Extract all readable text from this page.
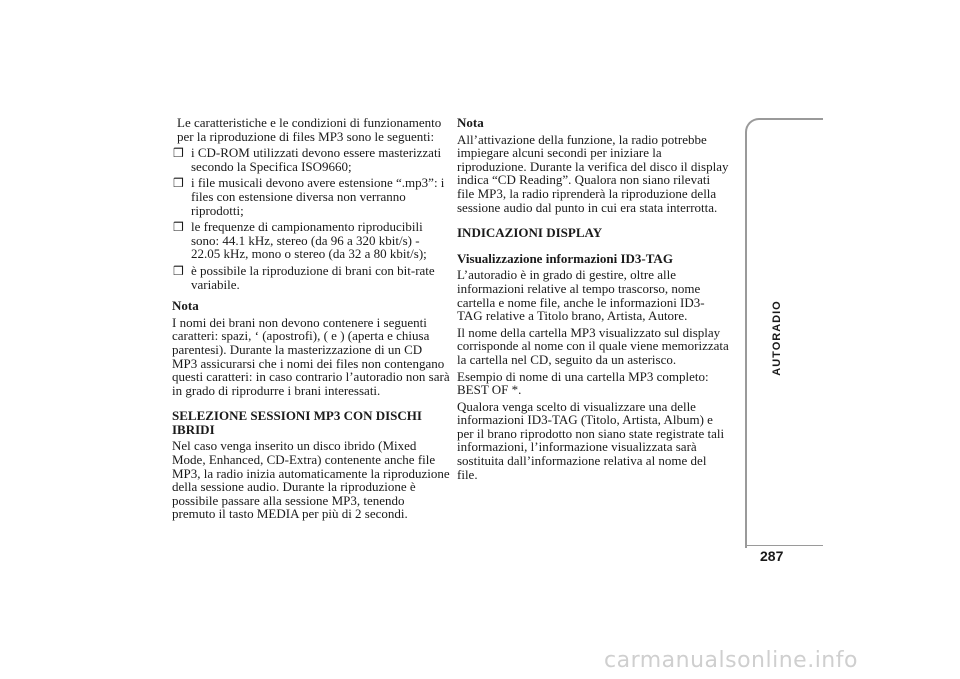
Le caratteristiche e le condizioni di funzionamento per la riproduzione di files MP3 sono le seguenti:

❒ i CD-ROM utilizzati devono essere masterizzati secondo la Specifica ISO9660;

❒ i file musicali devono avere estensione “.mp3”: i files con estensione diversa non verranno riprodotti;

❒ le frequenze di campionamento riproducibili sono: 44.1 kHz, stereo (da 96 a 320 kbit/s) - 22.05 kHz, mono o stereo (da 32 a 80 kbit/s);

❒ è possibile la riproduzione di brani con bit-rate variabile.

Nota

I nomi dei brani non devono contenere i seguenti caratteri: spazi, ‘ (apostrofi), ( e ) (aperta e chiusa parentesi). Durante la masterizzazione di un CD MP3 assicurarsi che i nomi dei files non contengano questi caratteri: in caso contrario l’autoradio non sarà in grado di riprodurre i brani interessati.

SELEZIONE SESSIONI MP3 CON DISCHI IBRIDI

Nel caso venga inserito un disco ibrido (Mixed Mode, Enhanced, CD-Extra) contenente anche file MP3, la radio inizia automaticamente la riproduzione della sessione audio. Durante la riproduzione è possibile passare alla sessione MP3, tenendo premuto il tasto MEDIA per più di 2 secondi.

Nota

All’attivazione della funzione, la radio potrebbe impiegare alcuni secondi per iniziare la riproduzione. Durante la verifica del disco il display indica “CD Reading”. Qualora non siano rilevati file MP3, la radio riprenderà la riproduzione della sessione audio dal punto in cui era stata interrotta.

INDICAZIONI DISPLAY

Visualizzazione informazioni ID3-TAG

L’autoradio è in grado di gestire, oltre alle informazioni relative al tempo trascorso, nome cartella e nome file, anche le informazioni ID3-TAG relative a Titolo brano, Artista, Autore.

Il nome della cartella MP3 visualizzato sul display corrisponde al nome con il quale viene memorizzata la cartella nel CD, seguito da un asterisco.

Esempio di nome di una cartella MP3 completo: BEST OF *.

Qualora venga scelto di visualizzare una delle informazioni ID3-TAG (Titolo, Artista, Album) e per il brano riprodotto non siano state registrate tali informazioni, l’informazione visualizzata sarà sostituita dall’informazione relativa al nome del file.

AUTORADIO
287
carmanualsonline.info
